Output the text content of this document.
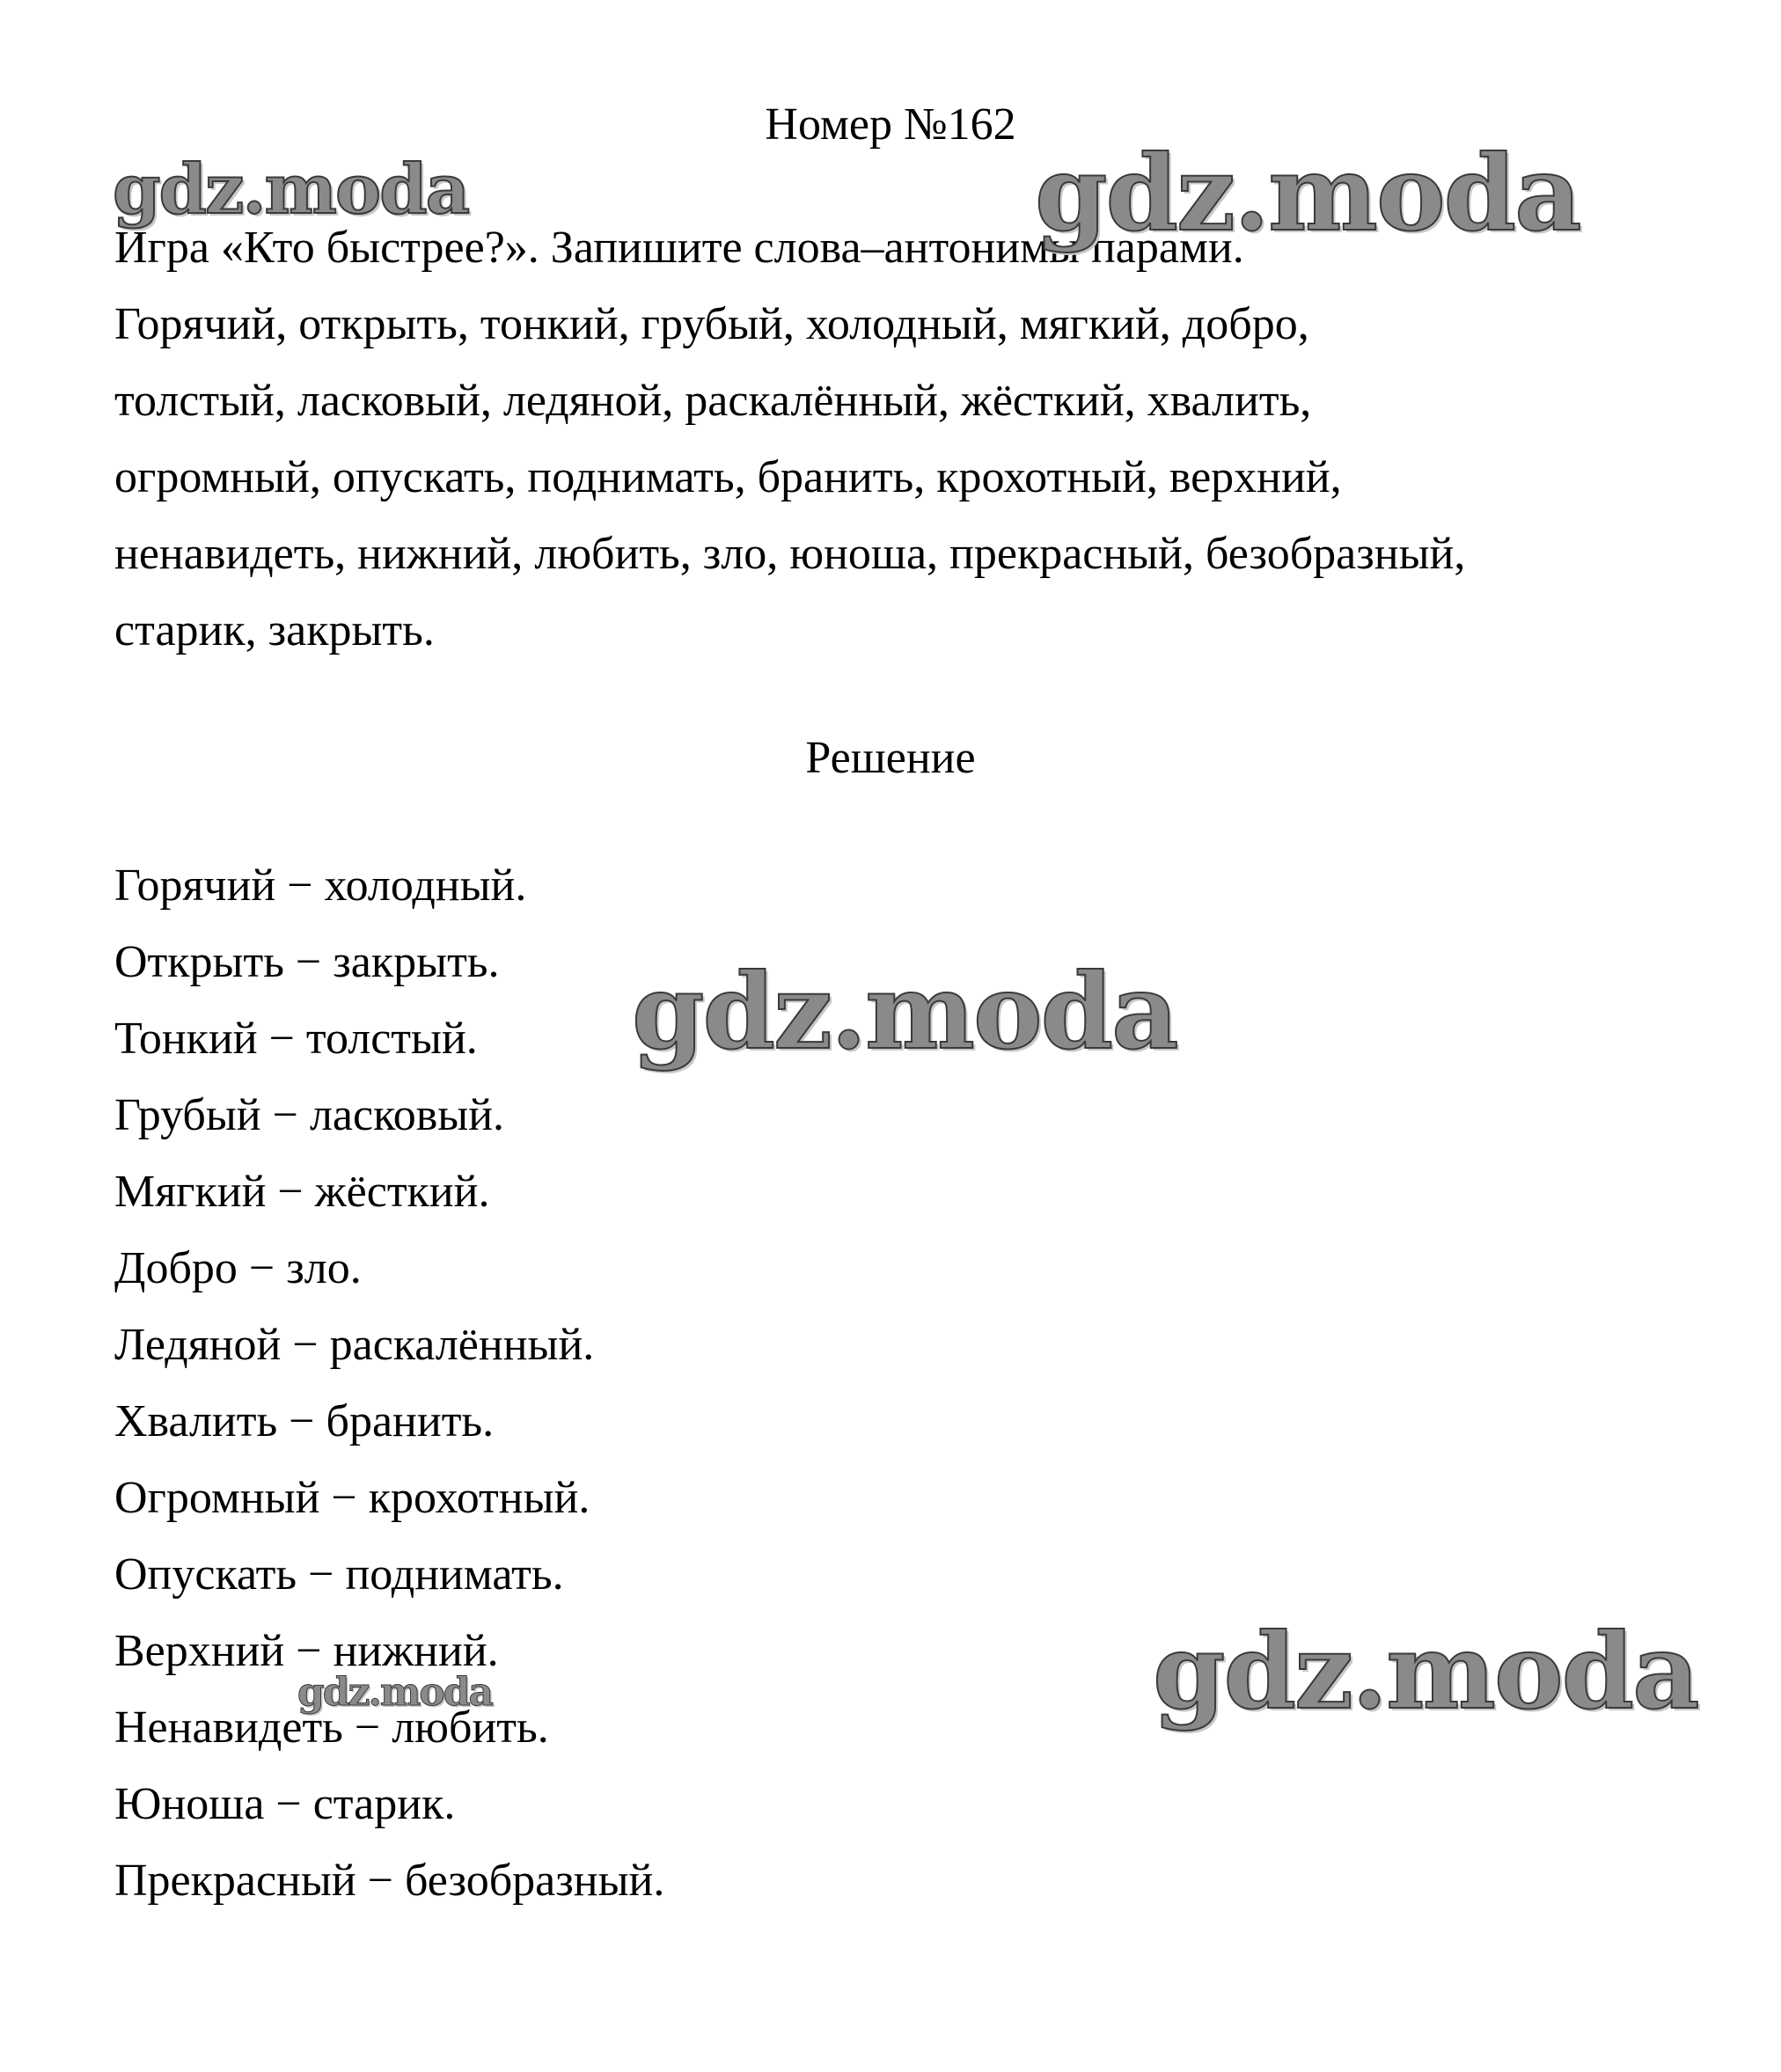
Номер №162

Игра «Кто быстрее?». Запишите слова–антонимы парами.

Горячий, открыть, тонкий, грубый, холодный, мягкий, добро,

толстый, ласковый, ледяной, раскалённый, жёсткий, хвалить,

огромный, опускать, поднимать, бранить, крохотный, верхний,

ненавидеть, нижний, любить, зло, юноша, прекрасный, безобразный,

старик, закрыть.

Решение

Горячий − холодный.

Открыть − закрыть.

Тонкий − толстый.

Грубый − ласковый.

Мягкий − жёсткий.

Добро − зло.

Ледяной − раскалённый.

Хвалить − бранить.

Огромный − крохотный.

Опускать − поднимать.

Верхний − нижний.

Ненавидеть − любить.

Юноша − старик.

Прекрасный − безобразный.

gdz.moda	gdz.moda
gdz.moda
gdz.moda
gdz.moda
